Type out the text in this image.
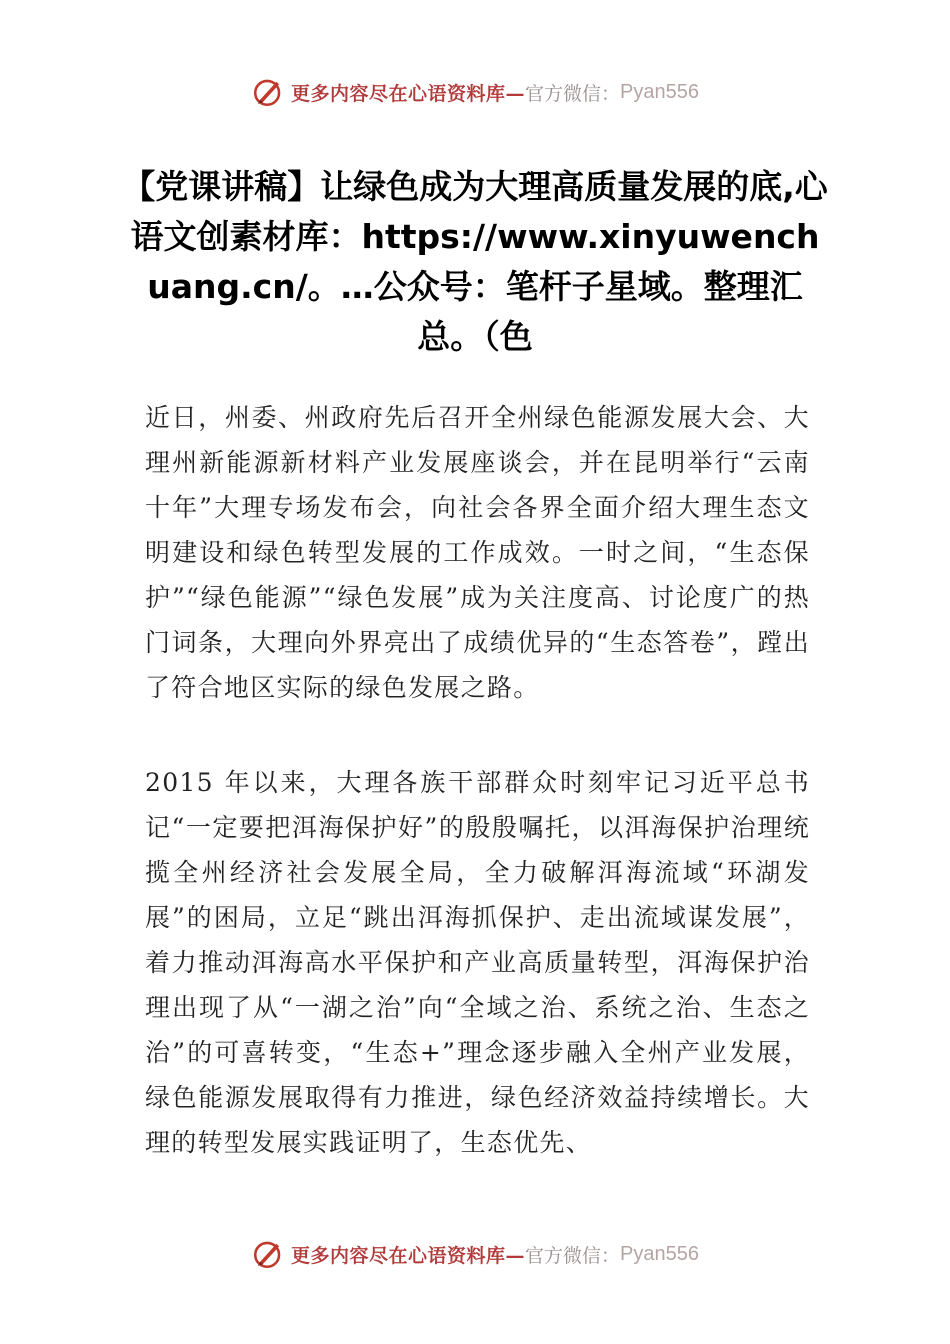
更多内容尽在心语资料库— 官方微信： Pyan556
【党课讲稿】让绿色成为大理高质量发展的底,心语文创素材库：https://www.xinyuwenchuang.cn/。…公众号：笔杆子星域。整理汇总。（色

近日，州委、州政府先后召开全州绿色能源发展大会、大理州新能源新材料产业发展座谈会，并在昆明举行“云南十年”大理专场发布会，向社会各界全面介绍大理生态文明建设和绿色转型发展的工作成效。一时之间，“生态保护”“绿色能源”“绿色发展”成为关注度高、讨论度广的热门词条，大理向外界亮出了成绩优异的“生态答卷”，蹚出了符合地区实际的绿色发展之路。

2015 年以来，大理各族干部群众时刻牢记习近平总书记“一定要把洱海保护好”的殷殷嘱托，以洱海保护治理统揽全州经济社会发展全局，全力破解洱海流域“环湖发展”的困局，立足“跳出洱海抓保护、走出流域谋发展”，着力推动洱海高水平保护和产业高质量转型，洱海保护治理出现了从“一湖之治”向“全域之治、系统之治、生态之治”的可喜转变，“生态+”理念逐步融入全州产业发展，绿色能源发展取得有力推进，绿色经济效益持续增长。大理的转型发展实践证明了，生态优先、

更多内容尽在心语资料库— 官方微信： Pyan556
